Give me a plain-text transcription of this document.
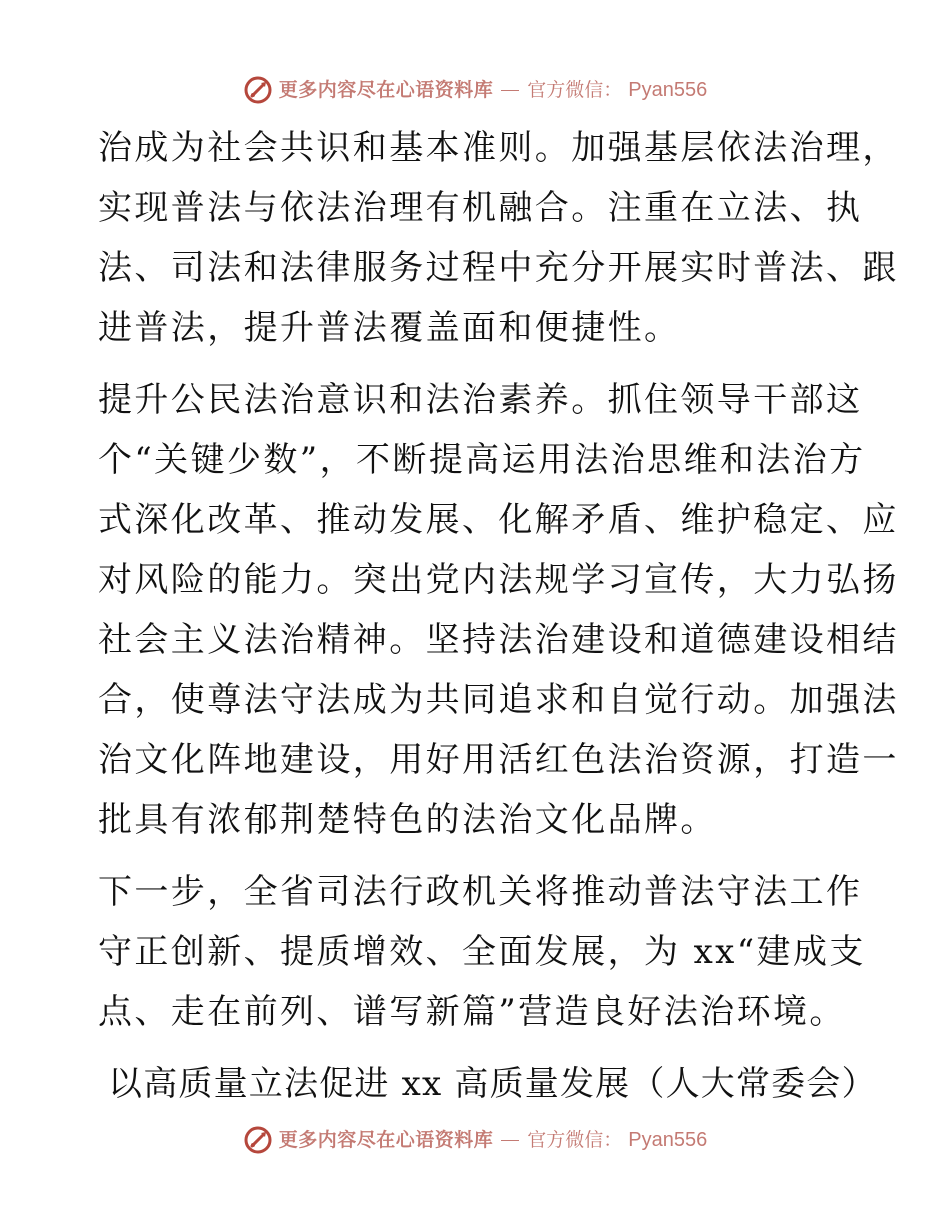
更多内容尽在心语资料库 官方微信： Pyan556
治成为社会共识和基本准则。加强基层依法治理，
实现普法与依法治理有机融合。注重在立法、执
法、司法和法律服务过程中充分开展实时普法、跟
进普法，提升普法覆盖面和便捷性。
提升公民法治意识和法治素养。抓住领导干部这
个“关键少数”，不断提高运用法治思维和法治方
式深化改革、推动发展、化解矛盾、维护稳定、应
对风险的能力。突出党内法规学习宣传，大力弘扬
社会主义法治精神。坚持法治建设和道德建设相结
合，使尊法守法成为共同追求和自觉行动。加强法
治文化阵地建设，用好用活红色法治资源，打造一
批具有浓郁荆楚特色的法治文化品牌。
下一步，全省司法行政机关将推动普法守法工作
守正创新、提质增效、全面发展，为 xx“建成支
点、走在前列、谱写新篇”营造良好法治环境。
以高质量立法促进 xx 高质量发展（人大常委会）
更多内容尽在心语资料库 官方微信： Pyan556
